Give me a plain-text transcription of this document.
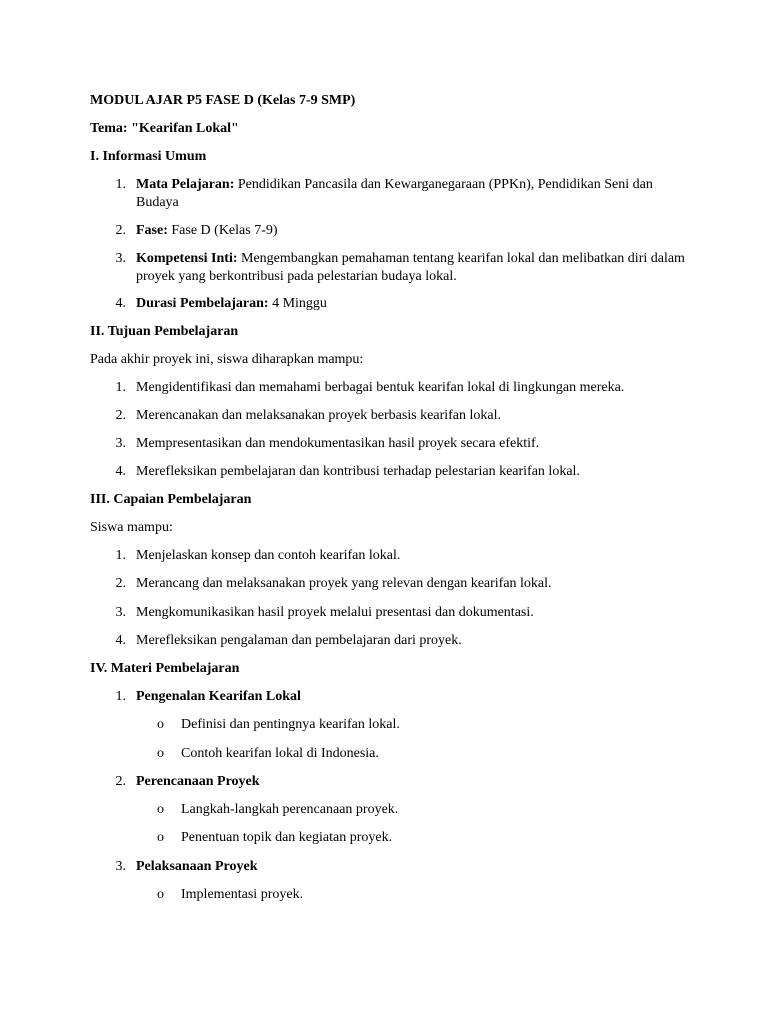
MODUL AJAR P5 FASE D (Kelas 7-9 SMP)
Tema: "Kearifan Lokal"
I. Informasi Umum
1. Mata Pelajaran: Pendidikan Pancasila dan Kewarganegaraan (PPKn), Pendidikan Seni dan Budaya
2. Fase: Fase D (Kelas 7-9)
3. Kompetensi Inti: Mengembangkan pemahaman tentang kearifan lokal dan melibatkan diri dalam proyek yang berkontribusi pada pelestarian budaya lokal.
4. Durasi Pembelajaran: 4 Minggu
II. Tujuan Pembelajaran
Pada akhir proyek ini, siswa diharapkan mampu:
1. Mengidentifikasi dan memahami berbagai bentuk kearifan lokal di lingkungan mereka.
2. Merencanakan dan melaksanakan proyek berbasis kearifan lokal.
3. Mempresentasikan dan mendokumentasikan hasil proyek secara efektif.
4. Merefleksikan pembelajaran dan kontribusi terhadap pelestarian kearifan lokal.
III. Capaian Pembelajaran
Siswa mampu:
1. Menjelaskan konsep dan contoh kearifan lokal.
2. Merancang dan melaksanakan proyek yang relevan dengan kearifan lokal.
3. Mengkomunikasikan hasil proyek melalui presentasi dan dokumentasi.
4. Merefleksikan pengalaman dan pembelajaran dari proyek.
IV. Materi Pembelajaran
1. Pengenalan Kearifan Lokal
o Definisi dan pentingnya kearifan lokal.
o Contoh kearifan lokal di Indonesia.
2. Perencanaan Proyek
o Langkah-langkah perencanaan proyek.
o Penentuan topik dan kegiatan proyek.
3. Pelaksanaan Proyek
o Implementasi proyek.
